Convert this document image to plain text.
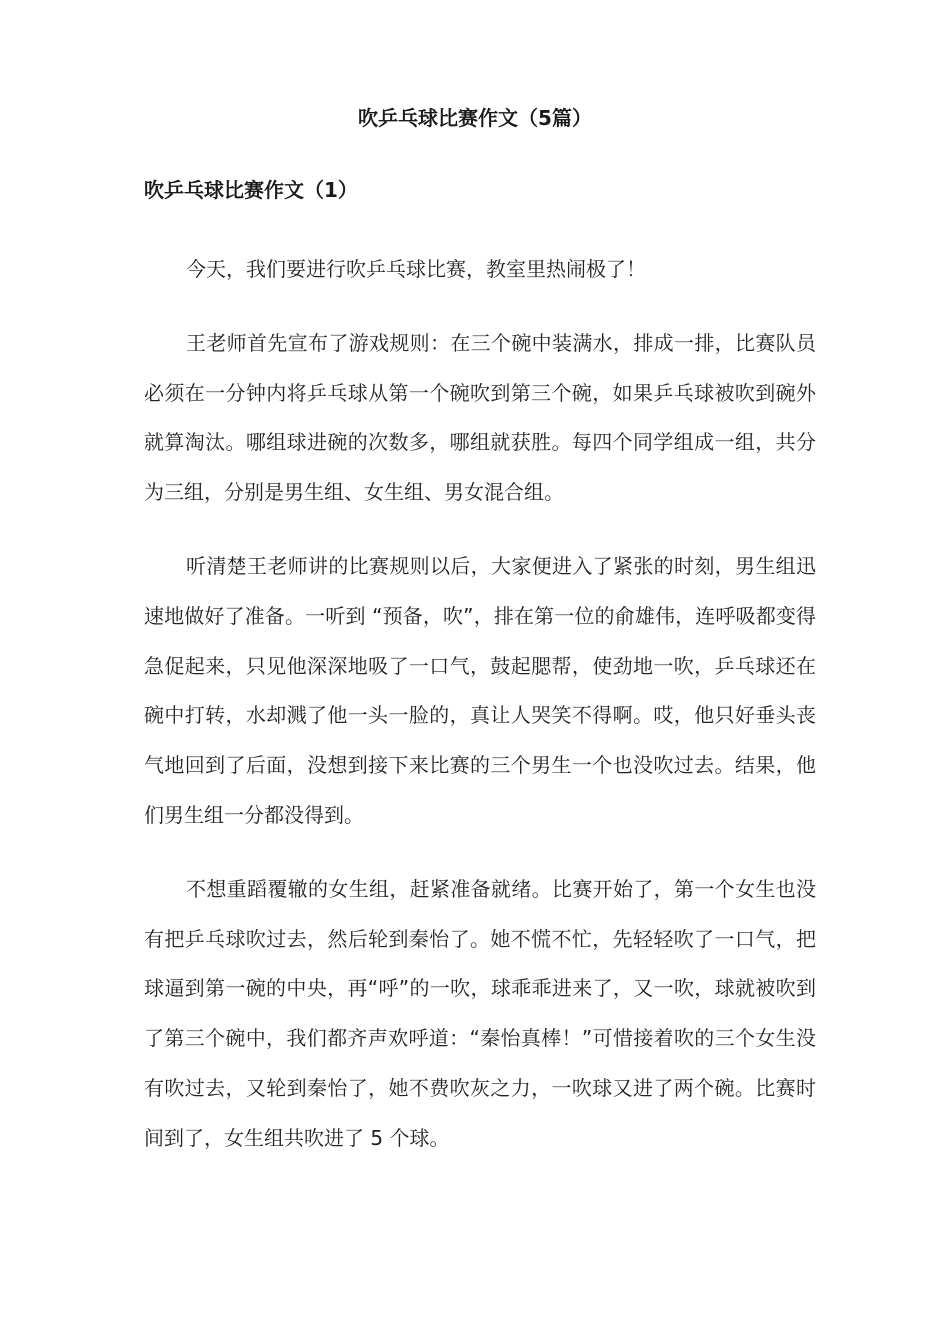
吹乒乓球比赛作文（5篇）
吹乒乓球比赛作文（1）

今天，我们要进行吹乒乓球比赛，教室里热闹极了！

王老师首先宣布了游戏规则：在三个碗中装满水，排成一排，比赛队员必须在一分钟内将乒乓球从第一个碗吹到第三个碗，如果乒乓球被吹到碗外就算淘汰。哪组球进碗的次数多，哪组就获胜。每四个同学组成一组，共分为三组，分别是男生组、女生组、男女混合组。

听清楚王老师讲的比赛规则以后，大家便进入了紧张的时刻，男生组迅速地做好了准备。一听到 “预备，吹”，排在第一位的俞雄伟，连呼吸都变得急促起来，只见他深深地吸了一口气，鼓起腮帮，使劲地一吹，乒乓球还在碗中打转，水却溅了他一头一脸的，真让人哭笑不得啊。哎，他只好垂头丧气地回到了后面，没想到接下来比赛的三个男生一个也没吹过去。结果，他们男生组一分都没得到。

不想重蹈覆辙的女生组，赶紧准备就绪。比赛开始了，第一个女生也没有把乒乓球吹过去，然后轮到秦怡了。她不慌不忙，先轻轻吹了一口气，把球逼到第一碗的中央，再“呼”的一吹，球乖乖进来了，又一吹，球就被吹到了第三个碗中，我们都齐声欢呼道：“秦怡真棒！”可惜接着吹的三个女生没有吹过去，又轮到秦怡了，她不费吹灰之力，一吹球又进了两个碗。比赛时间到了，女生组共吹进了 5 个球。
